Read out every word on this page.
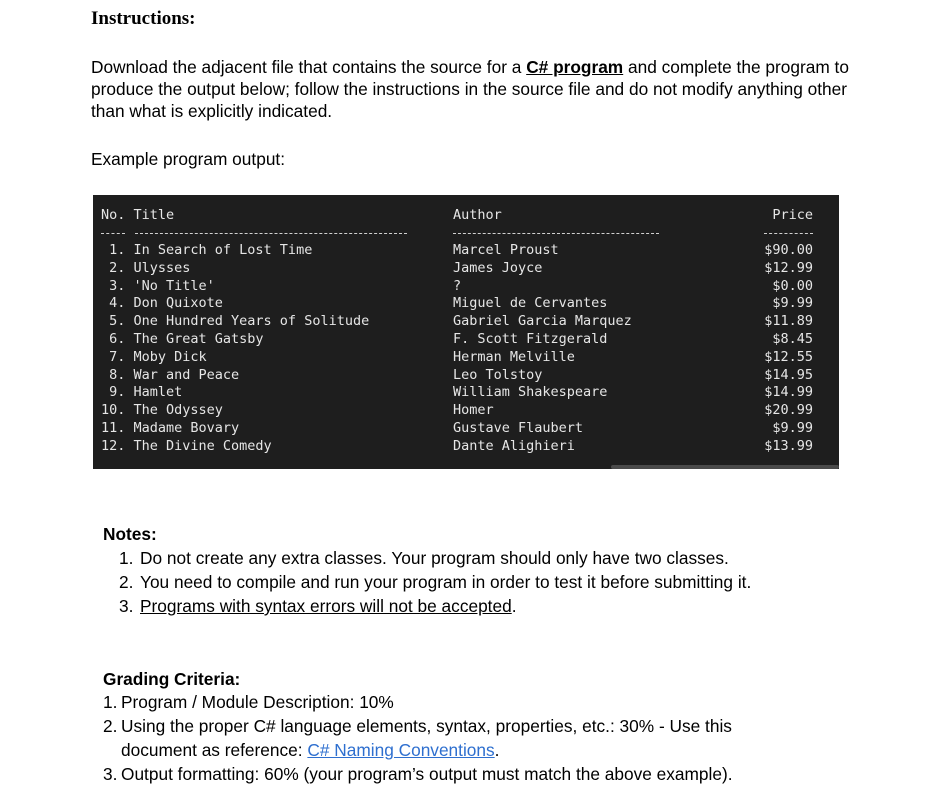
Instructions:
Download the adjacent file that contains the source for a C# program and complete the program to produce the output below; follow the instructions in the source file and do not modify anything other than what is explicitly indicated.
Example program output:
No. Title	Author	Price
1. In Search of Lost Time	Marcel Proust	$90.00
2. Ulysses	James Joyce	$12.99
3. 'No Title'	?	$0.00
4. Don Quixote	Miguel de Cervantes	$9.99
5. One Hundred Years of Solitude	Gabriel Garcia Marquez	$11.89
6. The Great Gatsby	F. Scott Fitzgerald	$8.45
7. Moby Dick	Herman Melville	$12.55
8. War and Peace	Leo Tolstoy	$14.95
9. Hamlet	William Shakespeare	$14.99
10. The Odyssey	Homer	$20.99
11. Madame Bovary	Gustave Flaubert	$9.99
12. The Divine Comedy	Dante Alighieri	$13.99
Notes:
1. Do not create any extra classes. Your program should only have two classes.
2. You need to compile and run your program in order to test it before submitting it.
3. Programs with syntax errors will not be accepted.
Grading Criteria:
1. Program / Module Description: 10%
2. Using the proper C# language elements, syntax, properties, etc.: 30% - Use this
document as reference: C# Naming Conventions.
3. Output formatting: 60% (your program’s output must match the above example).
